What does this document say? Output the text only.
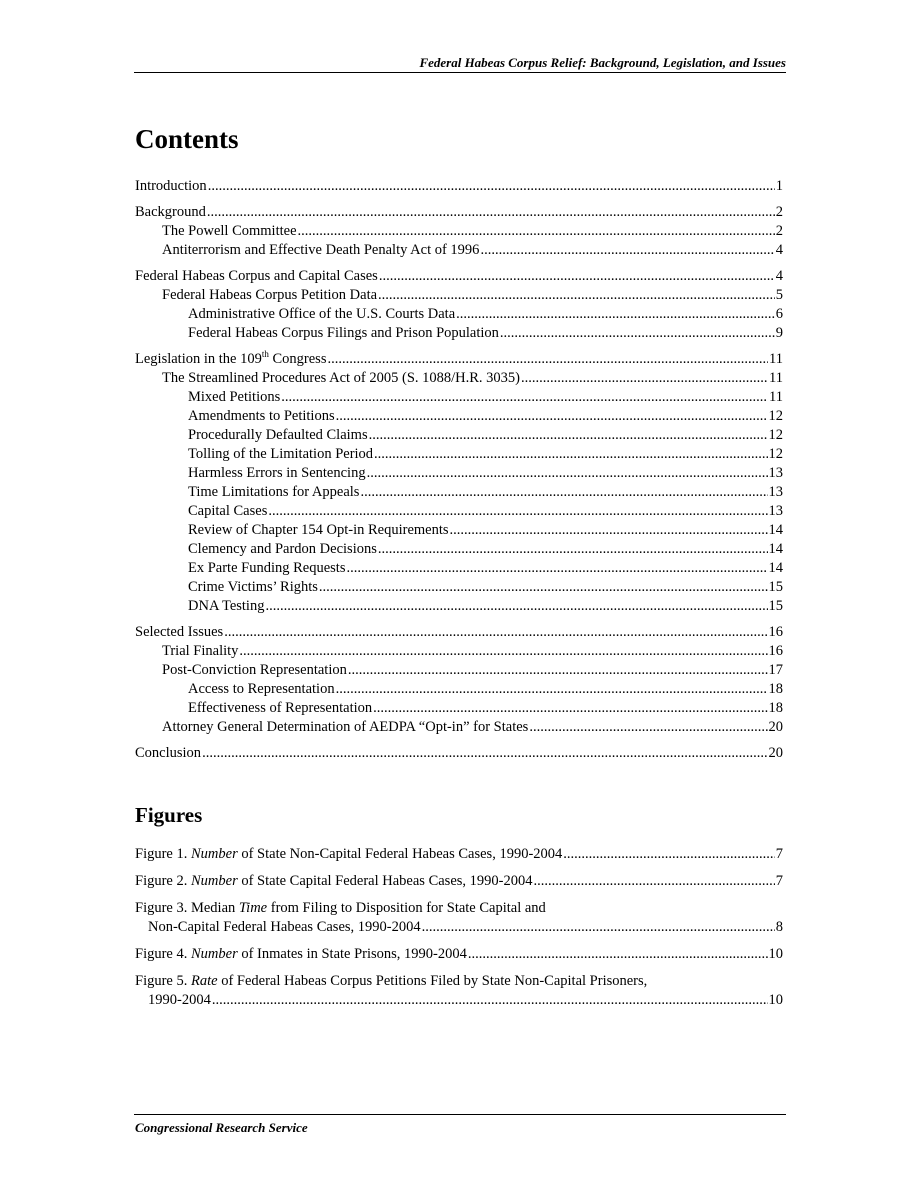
Federal Habeas Corpus Relief: Background, Legislation, and Issues
Contents
Introduction .....	1
Background .....	2
The Powell Committee .....	2
Antiterrorism and Effective Death Penalty Act of 1996 .....	4
Federal Habeas Corpus and Capital Cases .....	4
Federal Habeas Corpus Petition Data .....	5
Administrative Office of the U.S. Courts Data .....	6
Federal Habeas Corpus Filings and Prison Population .....	9
Legislation in the 109th Congress .....	11
The Streamlined Procedures Act of 2005 (S. 1088/H.R. 3035) .....	11
Mixed Petitions .....	11
Amendments to Petitions .....	12
Procedurally Defaulted Claims .....	12
Tolling of the Limitation Period .....	12
Harmless Errors in Sentencing .....	13
Time Limitations for Appeals .....	13
Capital Cases .....	13
Review of Chapter 154 Opt-in Requirements .....	14
Clemency and Pardon Decisions .....	14
Ex Parte Funding Requests .....	14
Crime Victims’ Rights .....	15
DNA Testing .....	15
Selected Issues .....	16
Trial Finality .....	16
Post-Conviction Representation .....	17
Access to Representation .....	18
Effectiveness of Representation .....	18
Attorney General Determination of AEDPA “Opt-in” for States .....	20
Conclusion .....	20
Figures
Figure 1. Number of State Non-Capital Federal Habeas Cases, 1990-2004 .....	7
Figure 2. Number of State Capital Federal Habeas Cases, 1990-2004 .....	7
Figure 3. Median Time from Filing to Disposition for State Capital and
Non-Capital Federal Habeas Cases, 1990-2004 .....	8
Figure 4. Number of Inmates in State Prisons, 1990-2004 .....	10
Figure 5. Rate of Federal Habeas Corpus Petitions Filed by State Non-Capital Prisoners,
1990-2004 .....	10
Congressional Research Service
